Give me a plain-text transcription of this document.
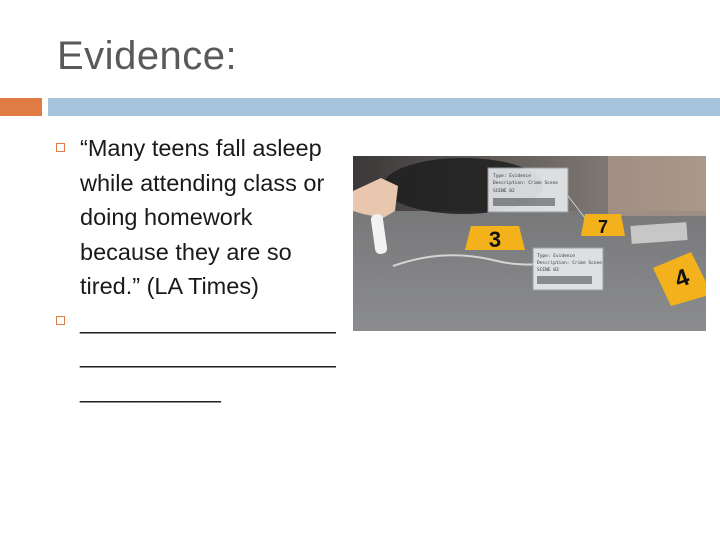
Evidence:
“Many teens fall asleep while attending class or doing homework because they are so tired.” (LA Times)
___________________________________________________
3	7
4
Type: Evidence
Description: Crime Scene
SCENE 02
Type: Evidence
Description: Crime Scene
SCENE 03
